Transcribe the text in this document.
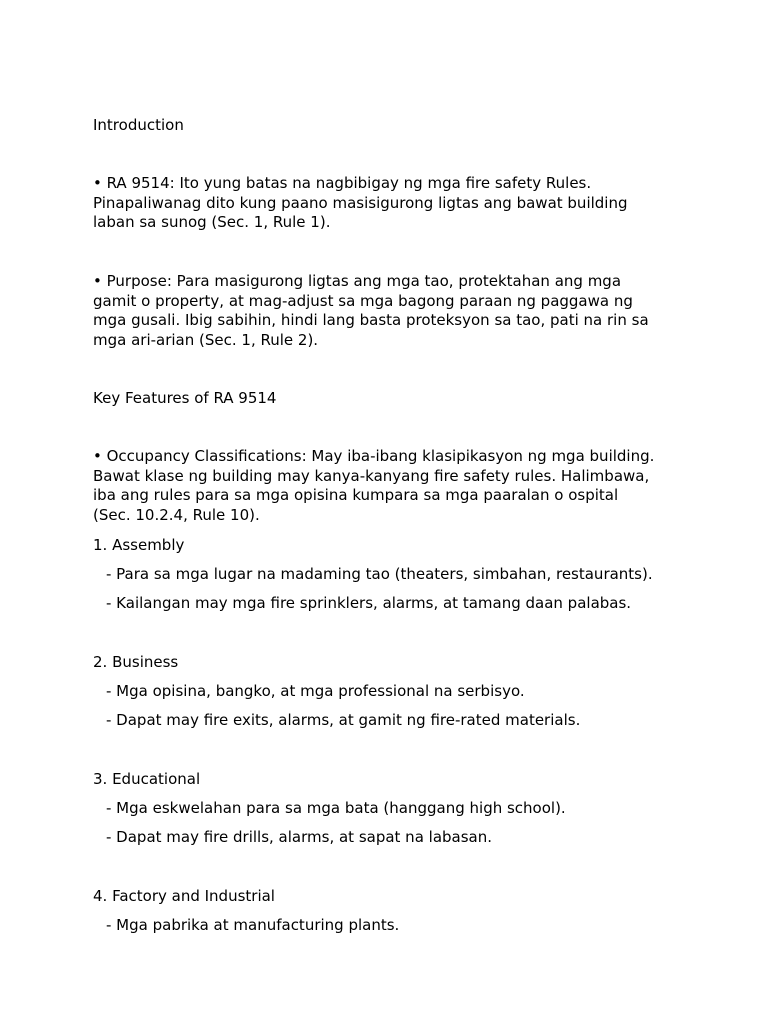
Introduction

• RA 9514: Ito yung batas na nagbibigay ng mga fire safety Rules.
Pinapaliwanag dito kung paano masisigurong ligtas ang bawat building
laban sa sunog (Sec. 1, Rule 1).
• Purpose: Para masigurong ligtas ang mga tao, protektahan ang mga
gamit o property, at mag-adjust sa mga bagong paraan ng paggawa ng
mga gusali. Ibig sabihin, hindi lang basta proteksyon sa tao, pati na rin sa
mga ari-arian (Sec. 1, Rule 2).

Key Features of RA 9514

• Occupancy Classifications: May iba-ibang klasipikasyon ng mga building.
Bawat klase ng building may kanya-kanyang fire safety rules. Halimbawa,
iba ang rules para sa mga opisina kumpara sa mga paaralan o ospital
(Sec. 10.2.4, Rule 10).

1. Assembly

- Para sa mga lugar na madaming tao (theaters, simbahan, restaurants).

- Kailangan may mga fire sprinklers, alarms, at tamang daan palabas.

2. Business

- Mga opisina, bangko, at mga professional na serbisyo.

- Dapat may fire exits, alarms, at gamit ng fire-rated materials.

3. Educational

- Mga eskwelahan para sa mga bata (hanggang high school).

- Dapat may fire drills, alarms, at sapat na labasan.

4. Factory and Industrial

- Mga pabrika at manufacturing plants.
